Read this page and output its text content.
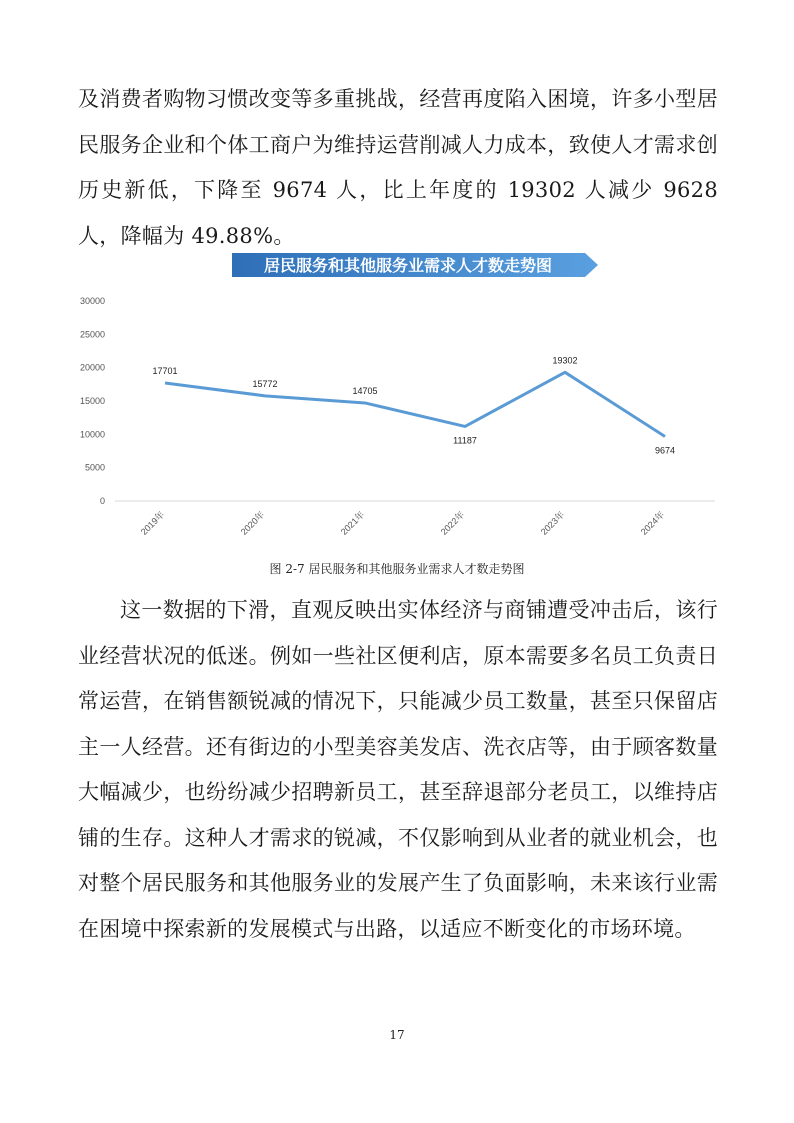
及消费者购物习惯改变等多重挑战，经营再度陷入困境，许多小型居民服务企业和个体工商户为维持运营削减人力成本，致使人才需求创历史新低，下降至 9674 人，比上年度的 19302 人减少 9628 人，降幅为 49.88%。

居民服务和其他服务业需求人才数走势图
0
5000
10000
15000
20000
25000
30000
2019年	2020年	2021年	2022年	2023年	2024年
17701
15772
14705
11187
19302
9674

图 2-7 居民服务和其他服务业需求人才数走势图

这一数据的下滑，直观反映出实体经济与商铺遭受冲击后，该行业经营状况的低迷。例如一些社区便利店，原本需要多名员工负责日常运营，在销售额锐减的情况下，只能减少员工数量，甚至只保留店主一人经营。还有街边的小型美容美发店、洗衣店等，由于顾客数量大幅减少，也纷纷减少招聘新员工，甚至辞退部分老员工，以维持店铺的生存。这种人才需求的锐减，不仅影响到从业者的就业机会，也对整个居民服务和其他服务业的发展产生了负面影响，未来该行业需在困境中探索新的发展模式与出路，以适应不断变化的市场环境。

17
